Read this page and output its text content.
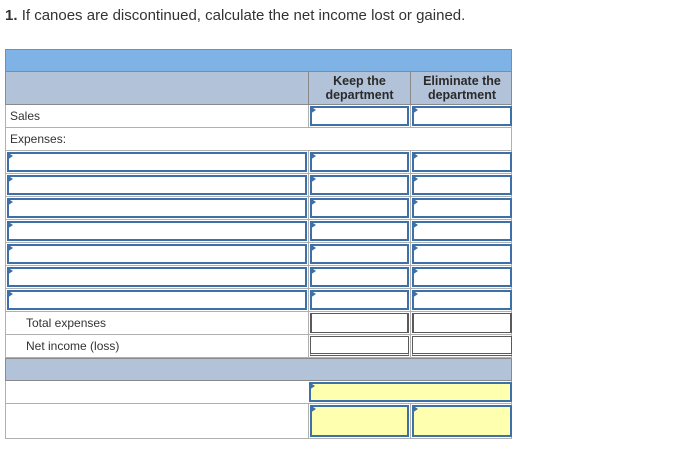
1. If canoes are discontinued, calculate the net income lost or gained.
Keep the department
Eliminate the department
Sales
Expenses:
Total expenses
Net income (loss)
